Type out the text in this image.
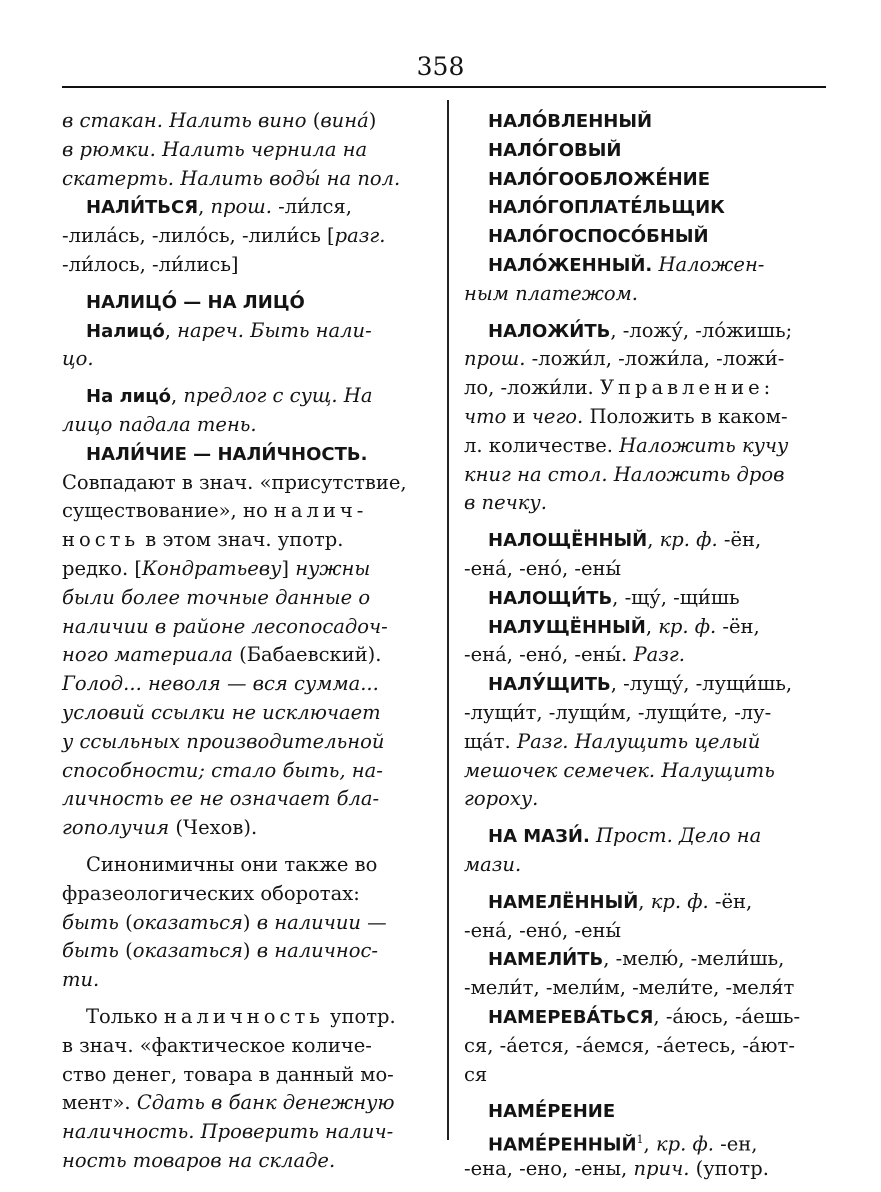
358
в стакан. Налить вино (вина́)
в рюмки. Налить чернила на
скатерть. Налить воды́ на пол.
НАЛИ́ТЬСЯ, прош. -ли́лся,
-лила́сь, -лило́сь, -лили́сь [разг.
-ли́лось, -ли́лись]
НАЛИЦО́ — НА ЛИЦО́
Налицо́, нареч. Быть нали-
цо.
На лицо́, предлог с сущ. На
лицо падала тень.
НАЛИ́ЧИЕ — НАЛИ́ЧНОСТЬ.
Совпадают в знач. «присутствие,
существование», но налич-
ность в этом знач. употр.
редко. [Кондратьеву] нужны
были более точные данные о
наличии в районе лесопосадоч-
ного материала (Бабаевский).
Голод... неволя — вся сумма...
условий ссылки не исключает
у ссыльных производительной
способности; стало быть, на-
личность ее не означает бла-
гополучия (Чехов).
Синонимичны они также во
фразеологических оборотах:
быть (оказаться) в наличии —
быть (оказаться) в наличнос-
ти.
Только наличность употр.
в знач. «фактическое количе-
ство денег, товара в данный мо-
мент». Сдать в банк денежную
наличность. Проверить налич-
ность товаров на складе.
НАЛО́ВЛЕННЫЙ
НАЛО́ГОВЫЙ
НАЛО́ГООБЛОЖЕ́НИЕ
НАЛО́ГОПЛАТЕ́ЛЬЩИК
НАЛО́ГОСПОСО́БНЫЙ
НАЛО́ЖЕННЫЙ. Наложен-
ным платежом.
НАЛОЖИ́ТЬ, -ложу́, -ло́жишь;
прош. -ложи́л, -ложи́ла, -ложи́-
ло, -ложи́ли. Управление:
что и чего. Положить в каком-
л. количестве. Наложить кучу
книг на стол. Наложить дров
в печку.
НАЛОЩЁННЫЙ, кр. ф. -ён,
-ена́, -ено́, -ены́
НАЛОЩИ́ТЬ, -щу́, -щи́шь
НАЛУЩЁННЫЙ, кр. ф. -ён,
-ена́, -ено́, -ены́. Разг.
НАЛУ́ЩИТЬ, -лущу́, -лущи́шь,
-лущи́т, -лущи́м, -лущи́те, -лу-
ща́т. Разг. Налущить целый
мешочек семечек. Налущить
гороху.
НА МАЗИ́. Прост. Дело на
мази.
НАМЕЛЁННЫЙ, кр. ф. -ён,
-ена́, -ено́, -ены́
НАМЕЛИ́ТЬ, -мелю́, -мели́шь,
-мели́т, -мели́м, -мели́те, -меля́т
НАМЕРЕВА́ТЬСЯ, -а́юсь, -а́ешь-
ся, -а́ется, -а́емся, -а́етесь, -а́ют-
ся
НАМЕ́РЕНИЕ
НАМЕ́РЕННЫЙ$^1$, кр. ф. -ен,
-ена, -ено, -ены, прич. (употр.
